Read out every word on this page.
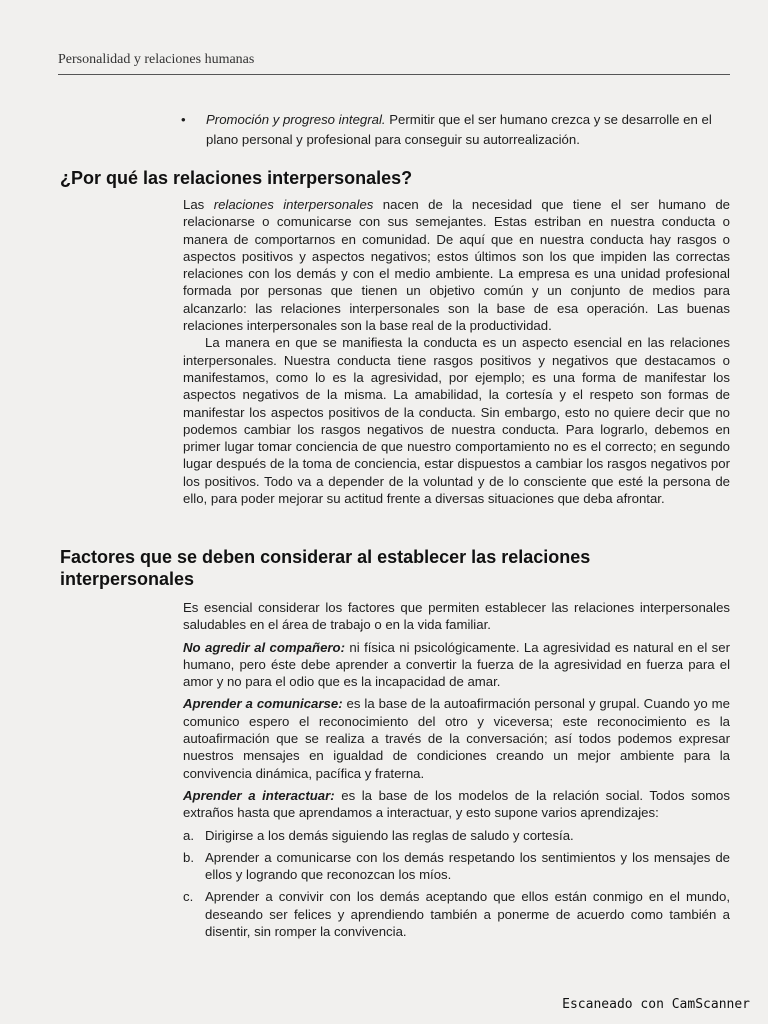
Personalidad y relaciones humanas
•	Promoción y progreso integral. Permitir que el ser humano crezca y se desarrolle en el plano personal y profesional para conseguir su autorrealización.
¿Por qué las relaciones interpersonales?

Las relaciones interpersonales nacen de la necesidad que tiene el ser humano de relacionarse o comunicarse con sus semejantes. Estas estriban en nuestra conducta o manera de comportarnos en comunidad. De aquí que en nuestra conducta hay rasgos o aspectos positivos y aspectos negativos; estos últimos son los que impiden las correctas relaciones con los demás y con el medio ambiente. La empresa es una unidad profesional formada por personas que tienen un objetivo común y un conjunto de medios para alcanzarlo: las relaciones interpersonales son la base de esa operación. Las buenas relaciones interpersonales son la base real de la productividad.

La manera en que se manifiesta la conducta es un aspecto esencial en las relaciones interpersonales. Nuestra conducta tiene rasgos positivos y negativos que destacamos o manifestamos, como lo es la agresividad, por ejemplo; es una forma de manifestar los aspectos negativos de la misma. La amabilidad, la cortesía y el respeto son formas de manifestar los aspectos positivos de la conducta. Sin embargo, esto no quiere decir que no podemos cambiar los rasgos negativos de nuestra conducta. Para lograrlo, debemos en primer lugar tomar conciencia de que nuestro comportamiento no es el correcto; en segundo lugar después de la toma de conciencia, estar dispuestos a cambiar los rasgos negativos por los positivos. Todo va a depender de la voluntad y de lo consciente que esté la persona de ello, para poder mejorar su actitud frente a diversas situaciones que deba afrontar.

Factores que se deben considerar al establecer las relaciones interpersonales

Es esencial considerar los factores que permiten establecer las relaciones interpersonales saludables en el área de trabajo o en la vida familiar.

No agredir al compañero: ni física ni psicológicamente. La agresividad es natural en el ser humano, pero éste debe aprender a convertir la fuerza de la agresividad en fuerza para el amor y no para el odio que es la incapacidad de amar.

Aprender a comunicarse: es la base de la autoafirmación personal y grupal. Cuando yo me comunico espero el reconocimiento del otro y viceversa; este reconocimiento es la autoafirmación que se realiza a través de la conversación; así todos podemos expresar nuestros mensajes en igualdad de condiciones creando un mejor ambiente para la convivencia dinámica, pacífica y fraterna.

Aprender a interactuar: es la base de los modelos de la relación social. Todos somos extraños hasta que aprendamos a interactuar, y esto supone varios aprendizajes:

a. Dirigirse a los demás siguiendo las reglas de saludo y cortesía.
b. Aprender a comunicarse con los demás respetando los sentimientos y los mensajes de ellos y logrando que reconozcan los míos.
c. Aprender a convivir con los demás aceptando que ellos están conmigo en el mundo, deseando ser felices y aprendiendo también a ponerme de acuerdo como también a disentir, sin romper la convivencia.
Escaneado con CamScanner
